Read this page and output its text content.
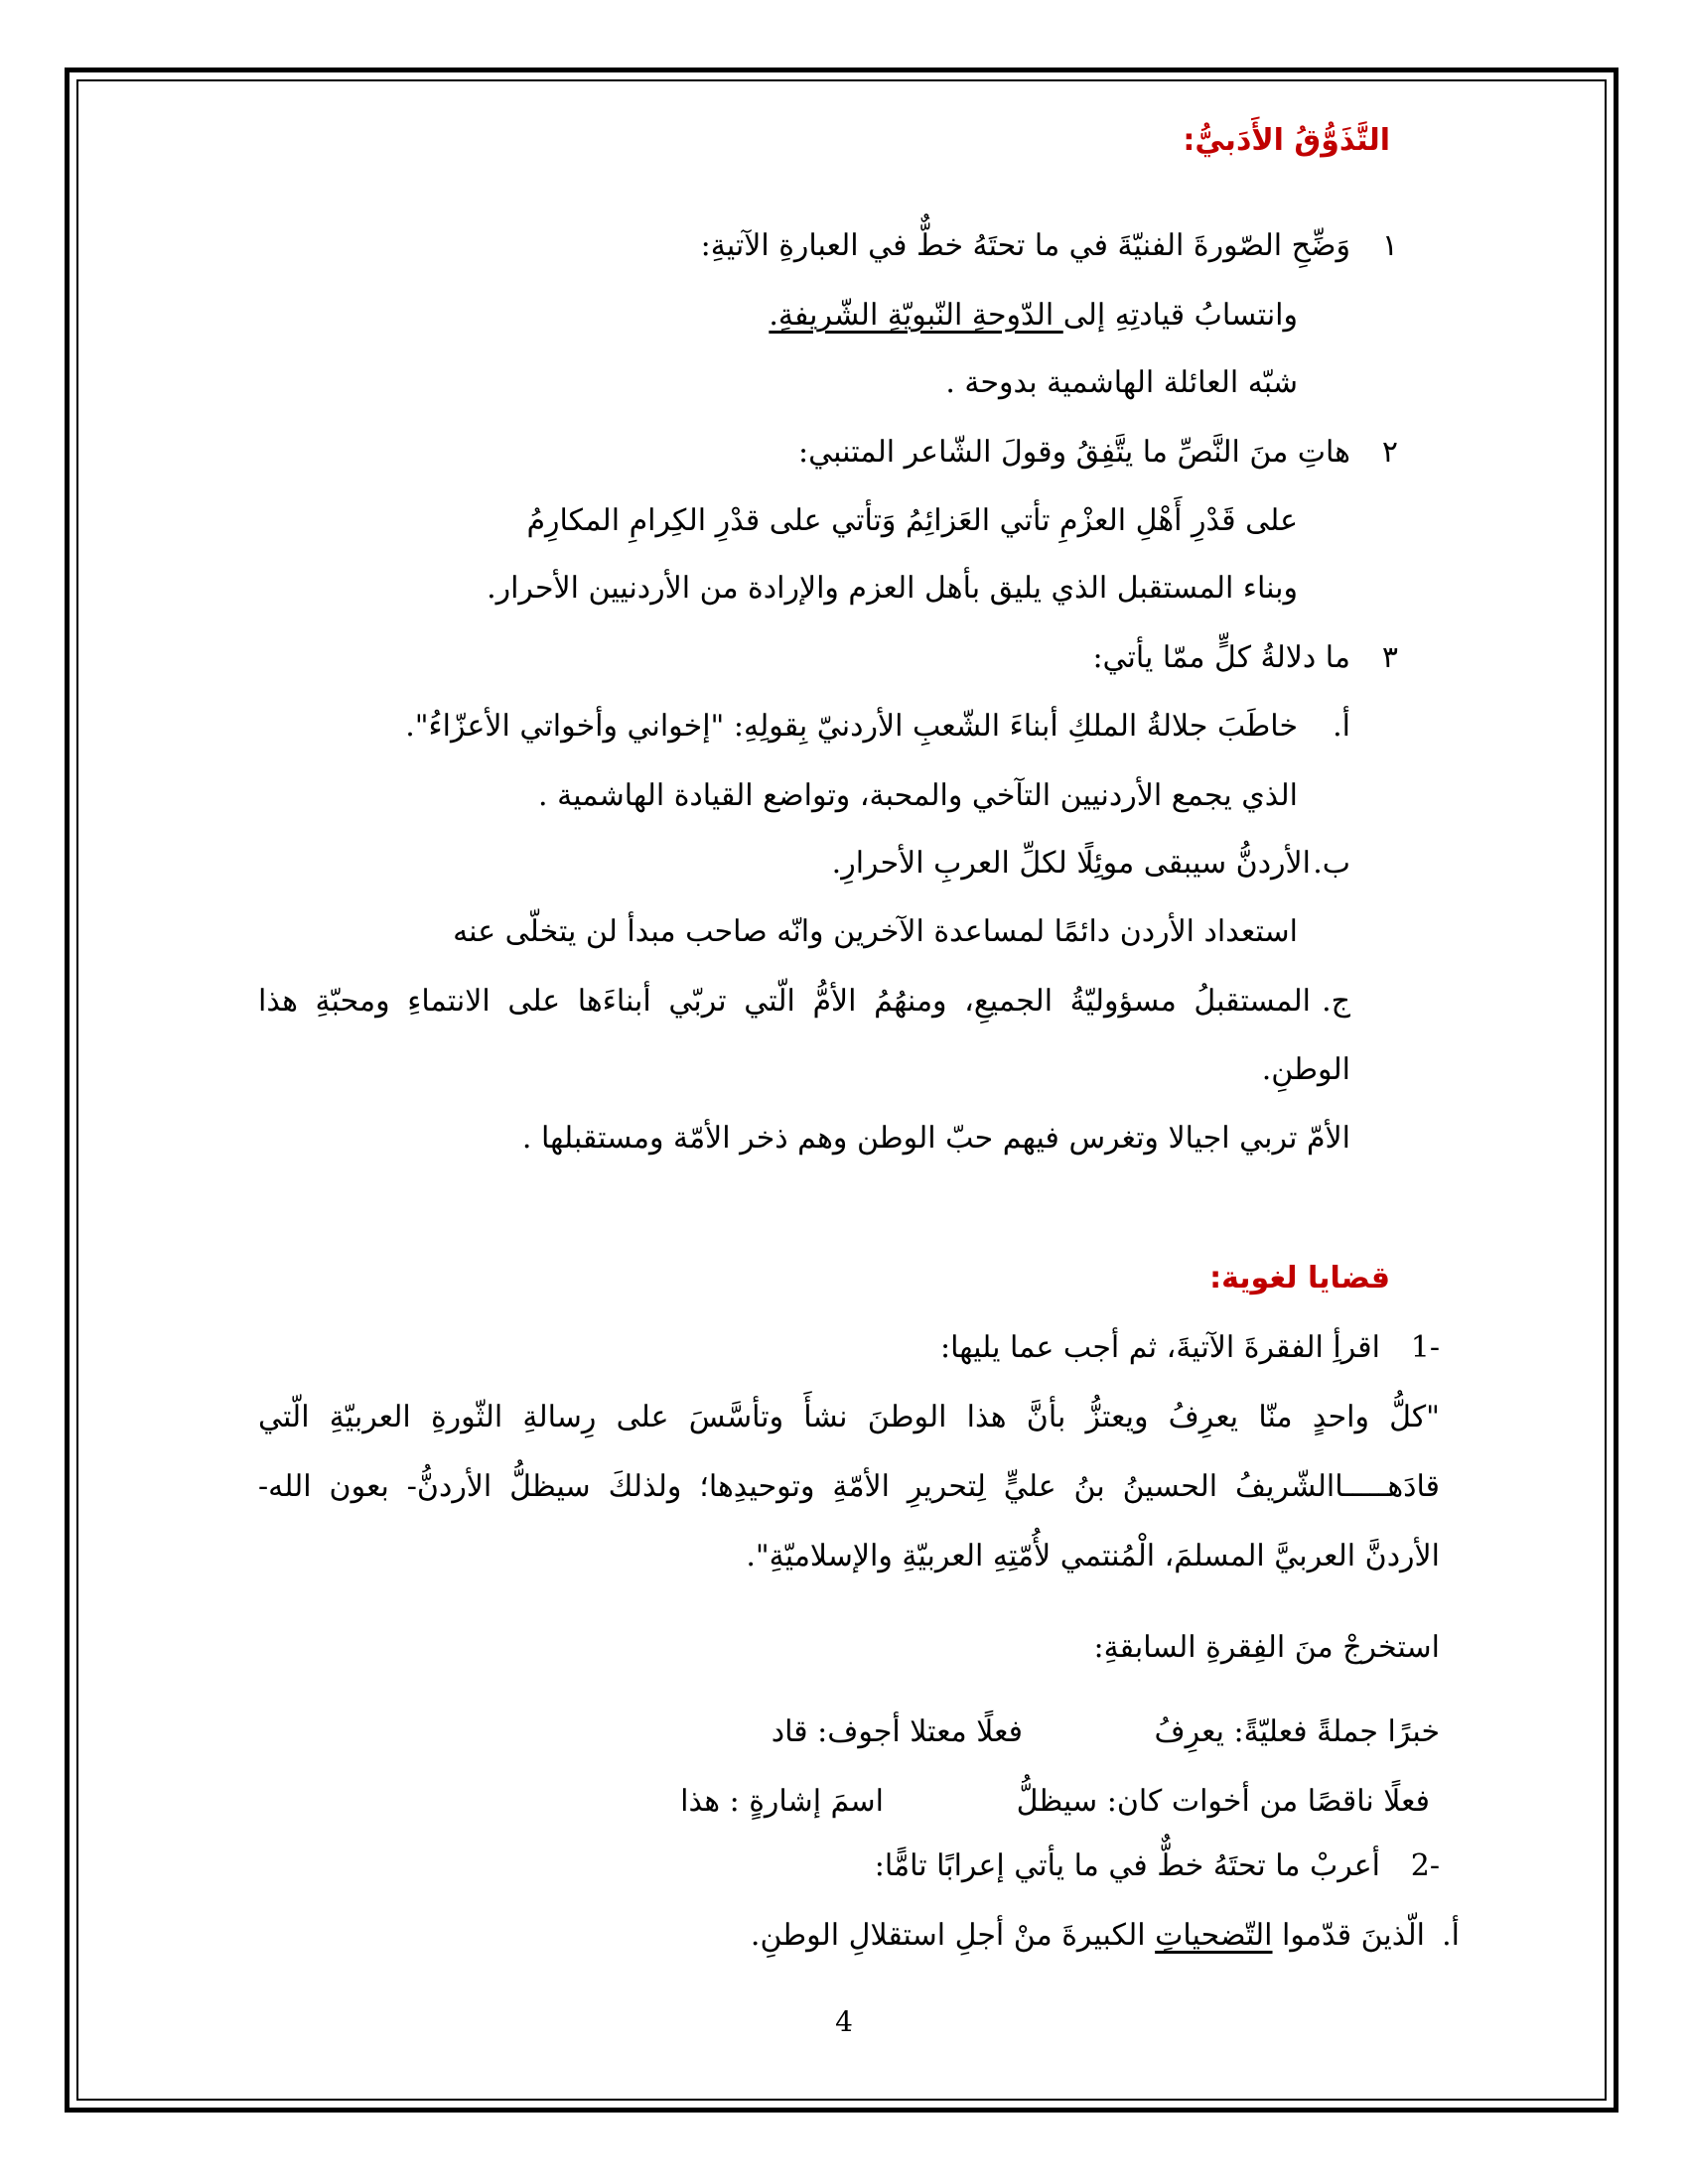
التَّذَوُّقُ الأَدَبيُّ:
١
وَضِّحِ الصّورةَ الفنيّةَ في ما تحتَهُ خطٌّ في العبارةِ الآتيةِ:
وانتسابُ قيادتِهِ إلى الدّوحةِ النّبويّةِ الشّريفةِ.
شبّه العائلة الهاشمية بدوحة .
٢
هاتِ منَ النَّصِّ ما يتَّفِقُ وقولَ الشّاعر المتنبي:
على قَدْرِ أَهْلِ العزْمِ تأتي العَزائِمُ وَتأتي على قدْرِ الكِرامِ المكارِمُ
وبناء المستقبل الذي يليق بأهل العزم والإرادة من الأردنيين الأحرار.
٣
ما دلالةُ كلٍّ ممّا يأتي:
أ.
خاطَبَ جلالةُ الملكِ أبناءَ الشّعبِ الأردنيّ بِقولِهِ: "إخواني وأخواتي الأعزّاءُ".
الذي يجمع الأردنيين التآخي والمحبة، وتواضع القيادة الهاشمية .
ب.
الأردنُّ سيبقى موئِلًا لكلِّ العربِ الأحرارِ.
استعداد الأردن دائمًا لمساعدة الآخرين وانّه صاحب مبدأ لن يتخلّى عنه
ج.
المستقبلُ مسؤوليّةُ الجميعِ، ومنهُمُ الأمُّ الّتي تربّي أبناءَها على الانتماءِ ومحبّةِ هذا
الوطنِ.
الأمّ تربي اجيالا وتغرس فيهم حبّ الوطن وهم ذخر الأمّة ومستقبلها .
قضايا لغوية:
1-
اقرأِ الفقرةَ الآتيةَ، ثم أجب عما يليها:
"كلُّ واحدٍ منّا يعرِفُ ويعتزُّ بأنَّ هذا الوطنَ نشأَ وتأسَّسَ على رِسالةِ الثّورةِ العربيّةِ الّتي
قادَهـــــاالشّريفُ الحسينُ بنُ عليٍّ لِتحريرِ الأمّةِ وتوحيدِها؛ ولذلكَ سيظلُّ الأردنُّ- بعون الله-
الأردنَّ العربيَّ المسلمَ، الْمُنتمي لأُمّتِهِ العربيّةِ والإسلاميّةِ".
استخرجْ منَ الفِقرةِ السابقةِ:
خبرًا جملةً فعليّةً: يعرِفُ
فعلًا معتلا أجوف: قاد
فعلًا ناقصًا من أخوات كان: سيظلُّ
اسمَ إشارةٍ : هذا
2-
أعربْ ما تحتَهُ خطٌّ في ما يأتي إعرابًا تامًّا:
أ.
الّذينَ قدّموا التّضحياتِ الكبيرةَ منْ أجلِ استقلالِ الوطنِ.
4
